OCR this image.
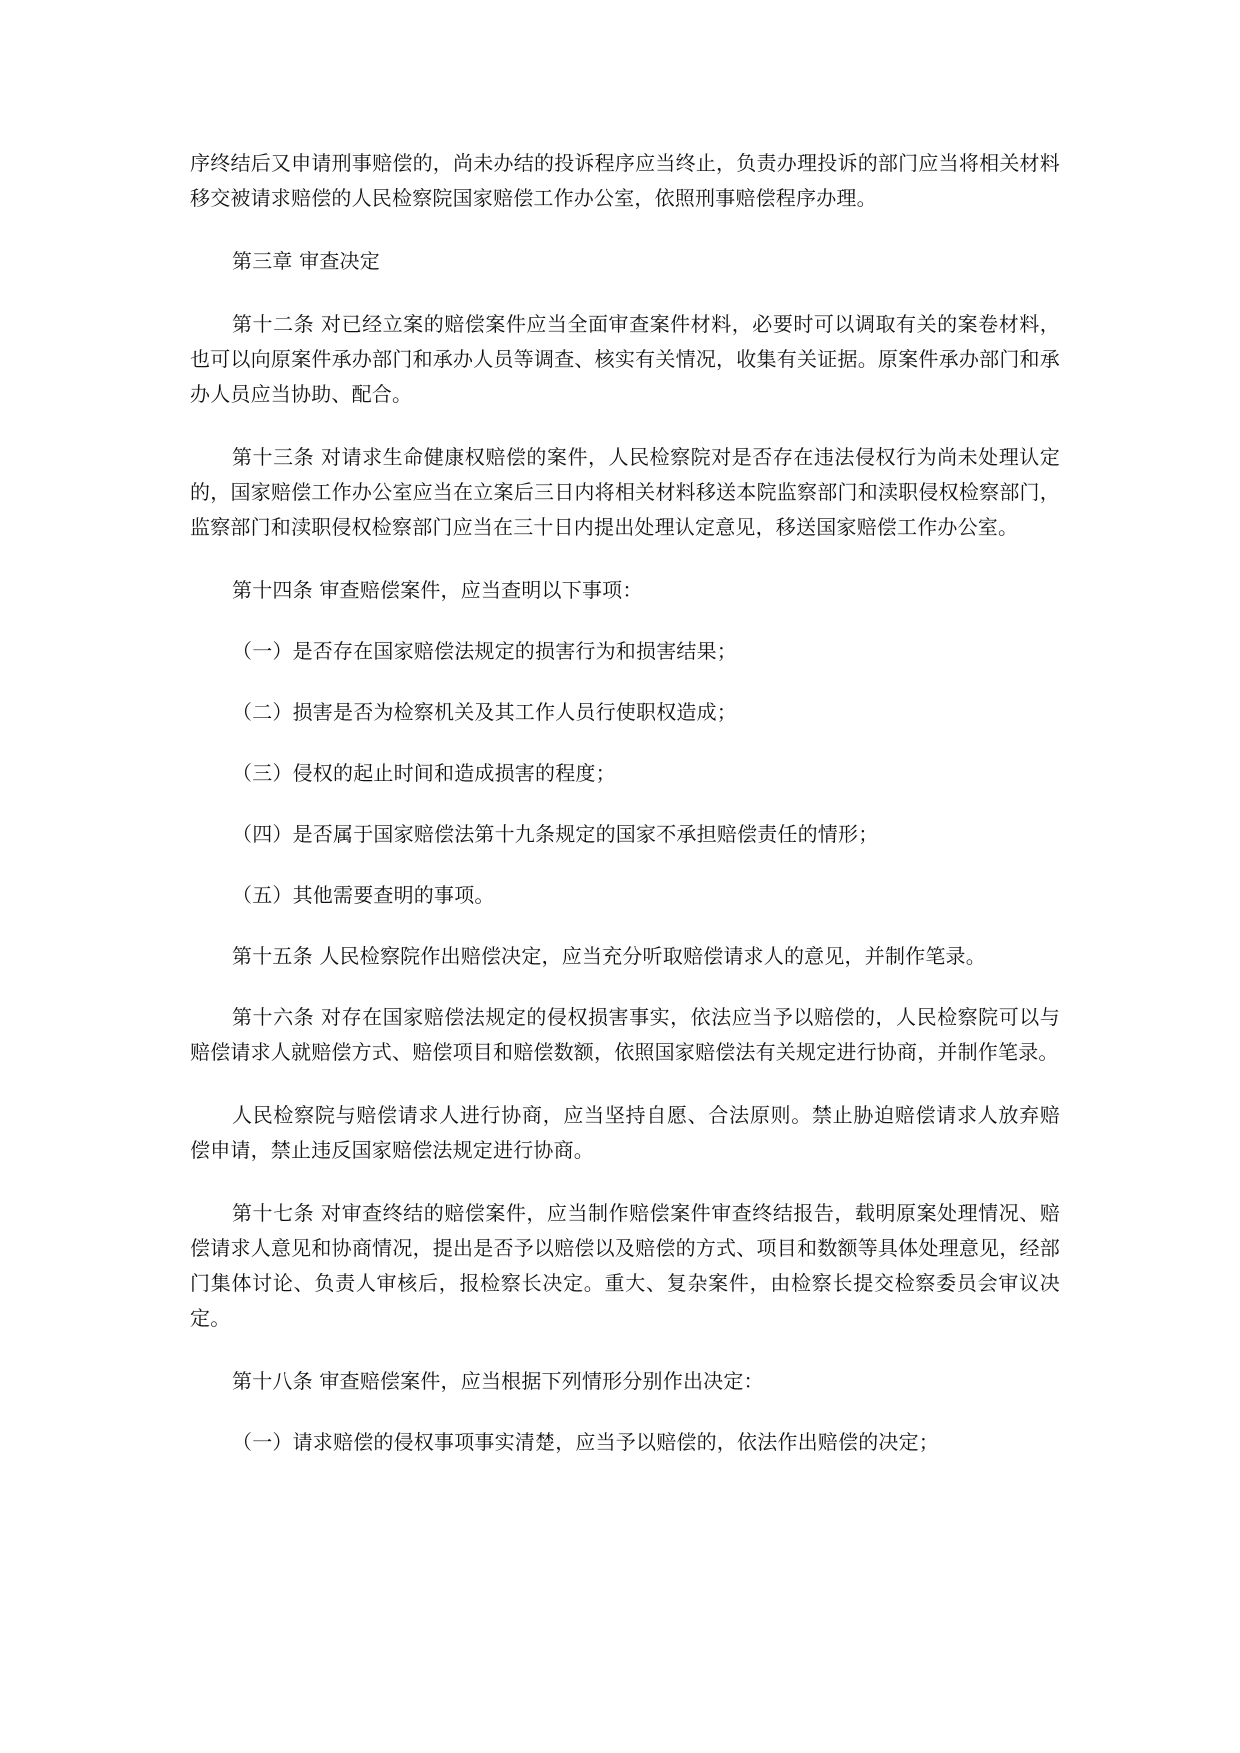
序终结后又申请刑事赔偿的，尚未办结的投诉程序应当终止，负责办理投诉的部门应当将相关材料移交被请求赔偿的人民检察院国家赔偿工作办公室，依照刑事赔偿程序办理。

第三章 审查决定

第十二条 对已经立案的赔偿案件应当全面审查案件材料，必要时可以调取有关的案卷材料，也可以向原案件承办部门和承办人员等调查、核实有关情况，收集有关证据。原案件承办部门和承办人员应当协助、配合。

第十三条 对请求生命健康权赔偿的案件，人民检察院对是否存在违法侵权行为尚未处理认定的，国家赔偿工作办公室应当在立案后三日内将相关材料移送本院监察部门和渎职侵权检察部门，监察部门和渎职侵权检察部门应当在三十日内提出处理认定意见，移送国家赔偿工作办公室。

第十四条 审查赔偿案件，应当查明以下事项：

（一）是否存在国家赔偿法规定的损害行为和损害结果；

（二）损害是否为检察机关及其工作人员行使职权造成；

（三）侵权的起止时间和造成损害的程度；

（四）是否属于国家赔偿法第十九条规定的国家不承担赔偿责任的情形；

（五）其他需要查明的事项。

第十五条 人民检察院作出赔偿决定，应当充分听取赔偿请求人的意见，并制作笔录。

第十六条 对存在国家赔偿法规定的侵权损害事实，依法应当予以赔偿的，人民检察院可以与赔偿请求人就赔偿方式、赔偿项目和赔偿数额，依照国家赔偿法有关规定进行协商，并制作笔录。

人民检察院与赔偿请求人进行协商，应当坚持自愿、合法原则。禁止胁迫赔偿请求人放弃赔偿申请，禁止违反国家赔偿法规定进行协商。

第十七条 对审查终结的赔偿案件，应当制作赔偿案件审查终结报告，载明原案处理情况、赔偿请求人意见和协商情况，提出是否予以赔偿以及赔偿的方式、项目和数额等具体处理意见，经部门集体讨论、负责人审核后，报检察长决定。重大、复杂案件，由检察长提交检察委员会审议决定。

第十八条 审查赔偿案件，应当根据下列情形分别作出决定：

（一）请求赔偿的侵权事项事实清楚，应当予以赔偿的，依法作出赔偿的决定；
